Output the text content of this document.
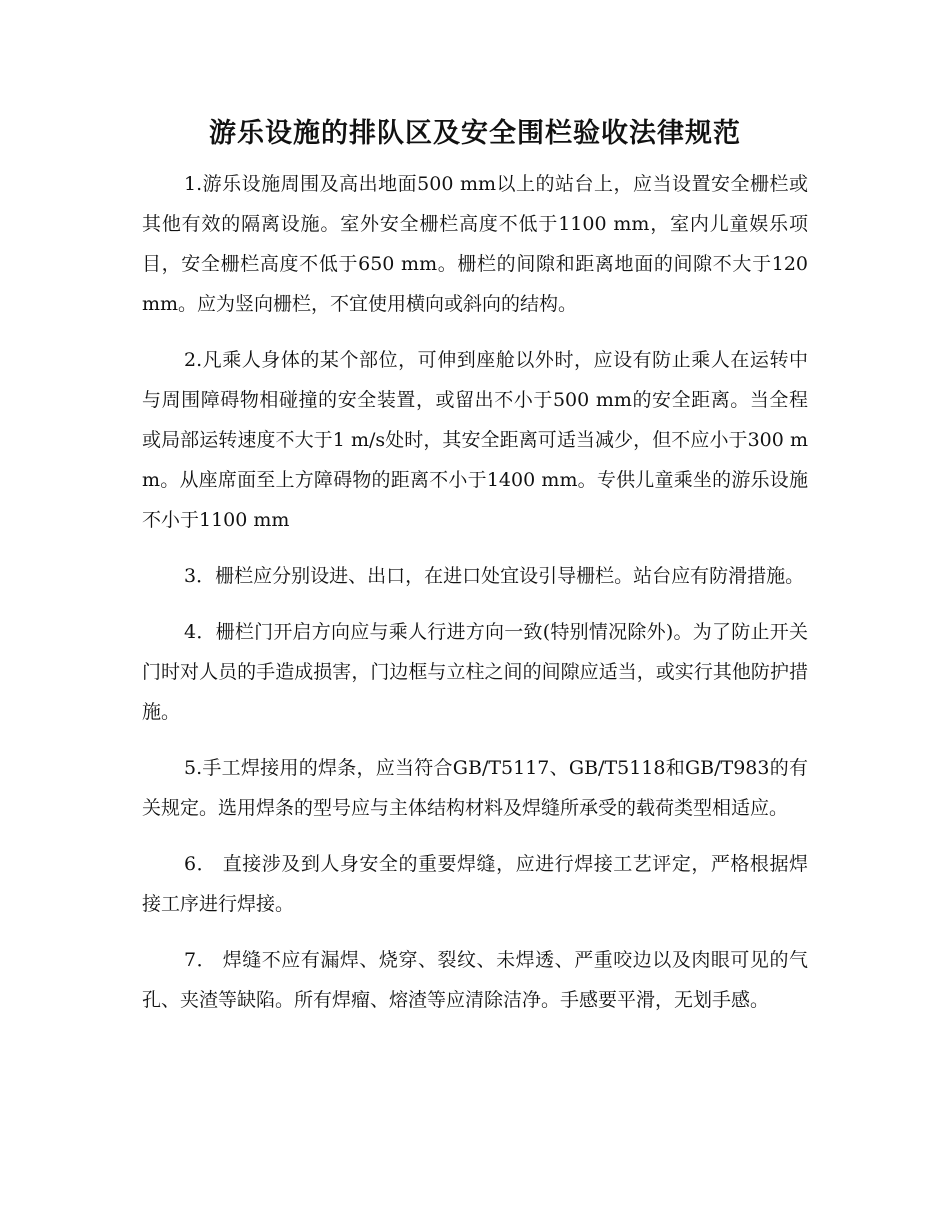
游乐设施的排队区及安全围栏验收法律规范

1.游乐设施周围及高出地面500 mm以上的站台上，应当设置安全栅栏或其他有效的隔离设施。室外安全栅栏高度不低于1100 mm，室内儿童娱乐项目，安全栅栏高度不低于650 mm。栅栏的间隙和距离地面的间隙不大于120 mm。应为竖向栅栏，不宜使用横向或斜向的结构。

2.凡乘人身体的某个部位，可伸到座舱以外时，应设有防止乘人在运转中与周围障碍物相碰撞的安全装置，或留出不小于500 mm的安全距离。当全程或局部运转速度不大于1 m/s处时，其安全距离可适当减少，但不应小于300 mm。从座席面至上方障碍物的距离不小于1400 mm。专供儿童乘坐的游乐设施不小于1100 mm

3．栅栏应分别设进、出口，在进口处宜设引导栅栏。站台应有防滑措施。

4．栅栏门开启方向应与乘人行进方向一致(特别情况除外)。为了防止开关门时对人员的手造成损害，门边框与立柱之间的间隙应适当，或实行其他防护措施。

5.手工焊接用的焊条，应当符合GB/T5117、GB/T5118和GB/T983的有关规定。选用焊条的型号应与主体结构材料及焊缝所承受的载荷类型相适应。

6． 直接涉及到人身安全的重要焊缝，应进行焊接工艺评定，严格根据焊接工序进行焊接。

7． 焊缝不应有漏焊、烧穿、裂纹、未焊透、严重咬边以及肉眼可见的气孔、夹渣等缺陷。所有焊瘤、熔渣等应清除洁净。手感要平滑，无划手感。
